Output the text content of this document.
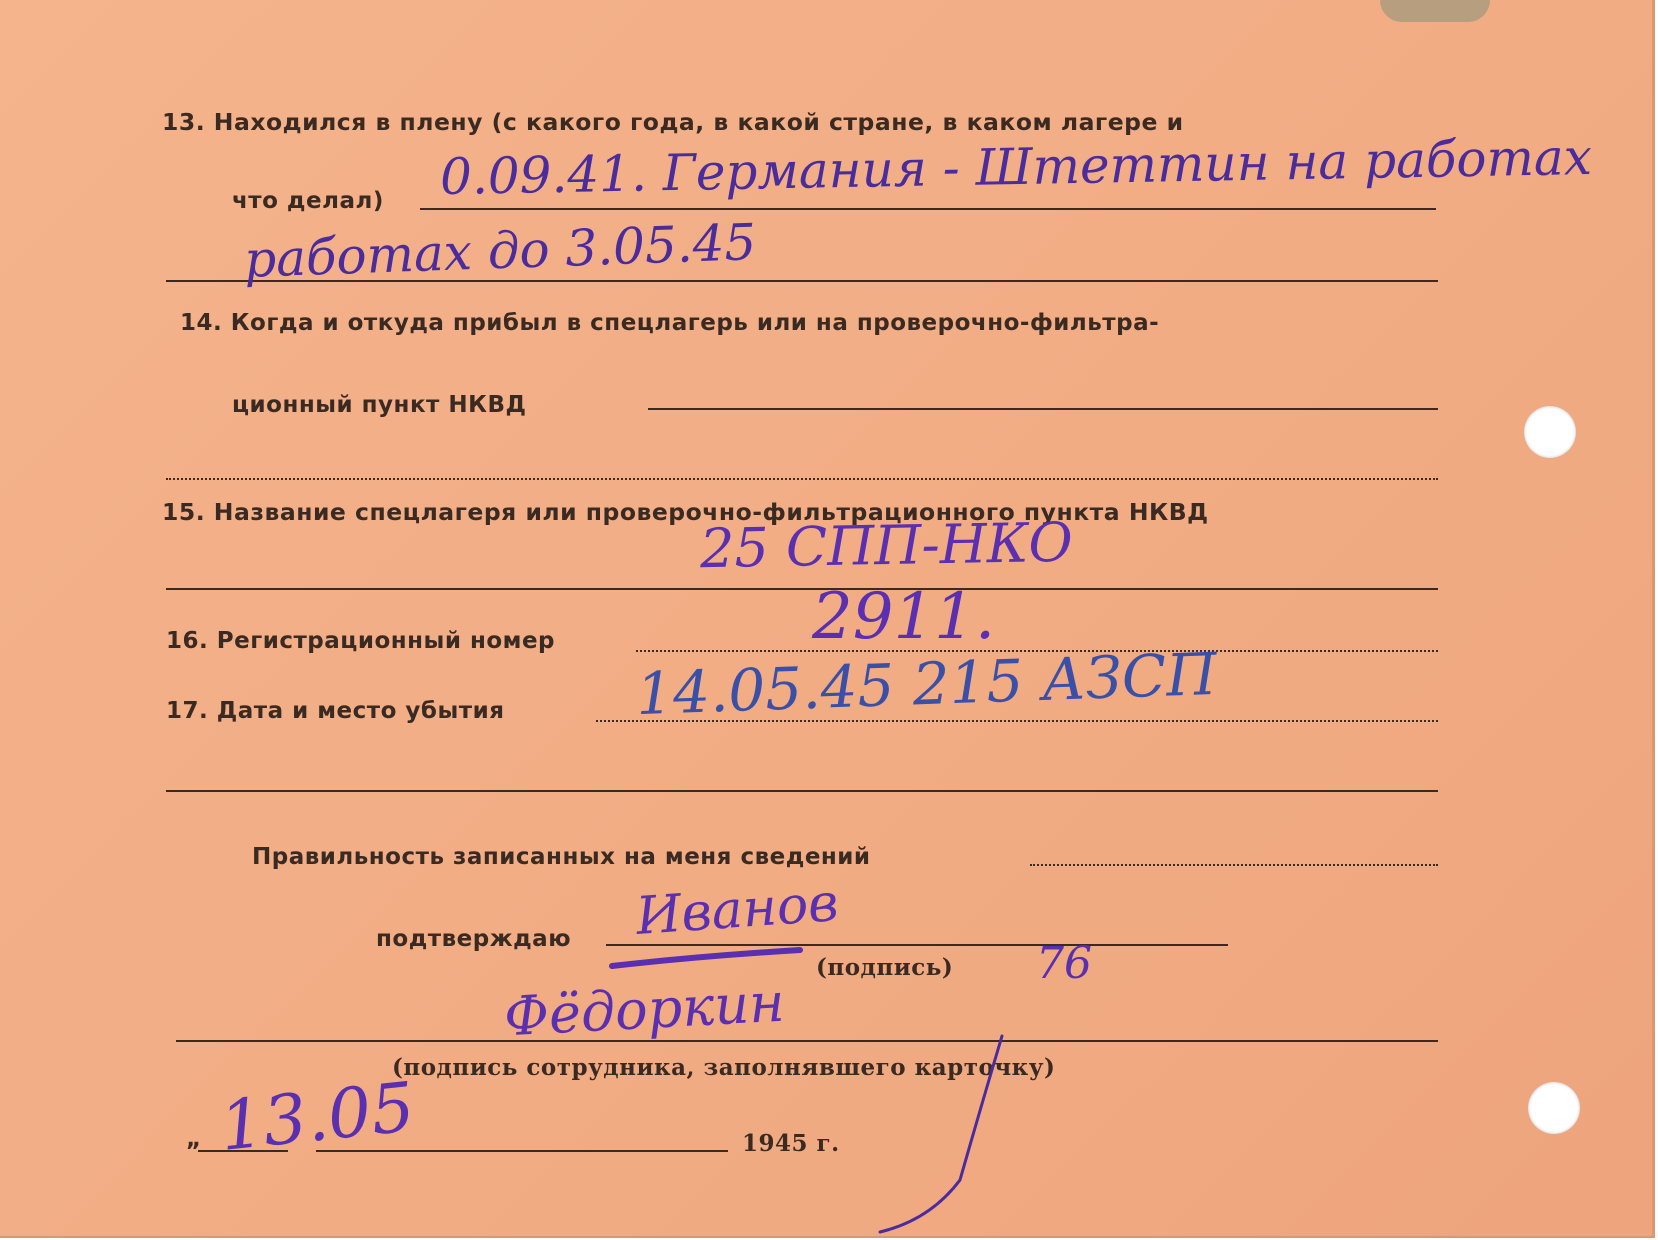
13. Находился в плену (с какого года, в какой стране, в каком лагере и
что делал) 0.09.41. Германия - Штеттин на работах
работах до 3.05.45
14. Когда и откуда прибыл в спецлагерь или на проверочно-фильтра-
ционный пункт НКВД
15. Название спецлагеря или проверочно-фильтрационного пункта НКВД
25 СПП-НКО
16. Регистрационный номер	2911.
17. Дата и место убытия 14.05.45 215 АЗСП
Правильность записанных на меня сведений
подтверждаю
(подпись)
Иванов
(подпись сотрудника, заполнявшего карточку)
Фёдоркин
76
„	1945 г.
13.05
